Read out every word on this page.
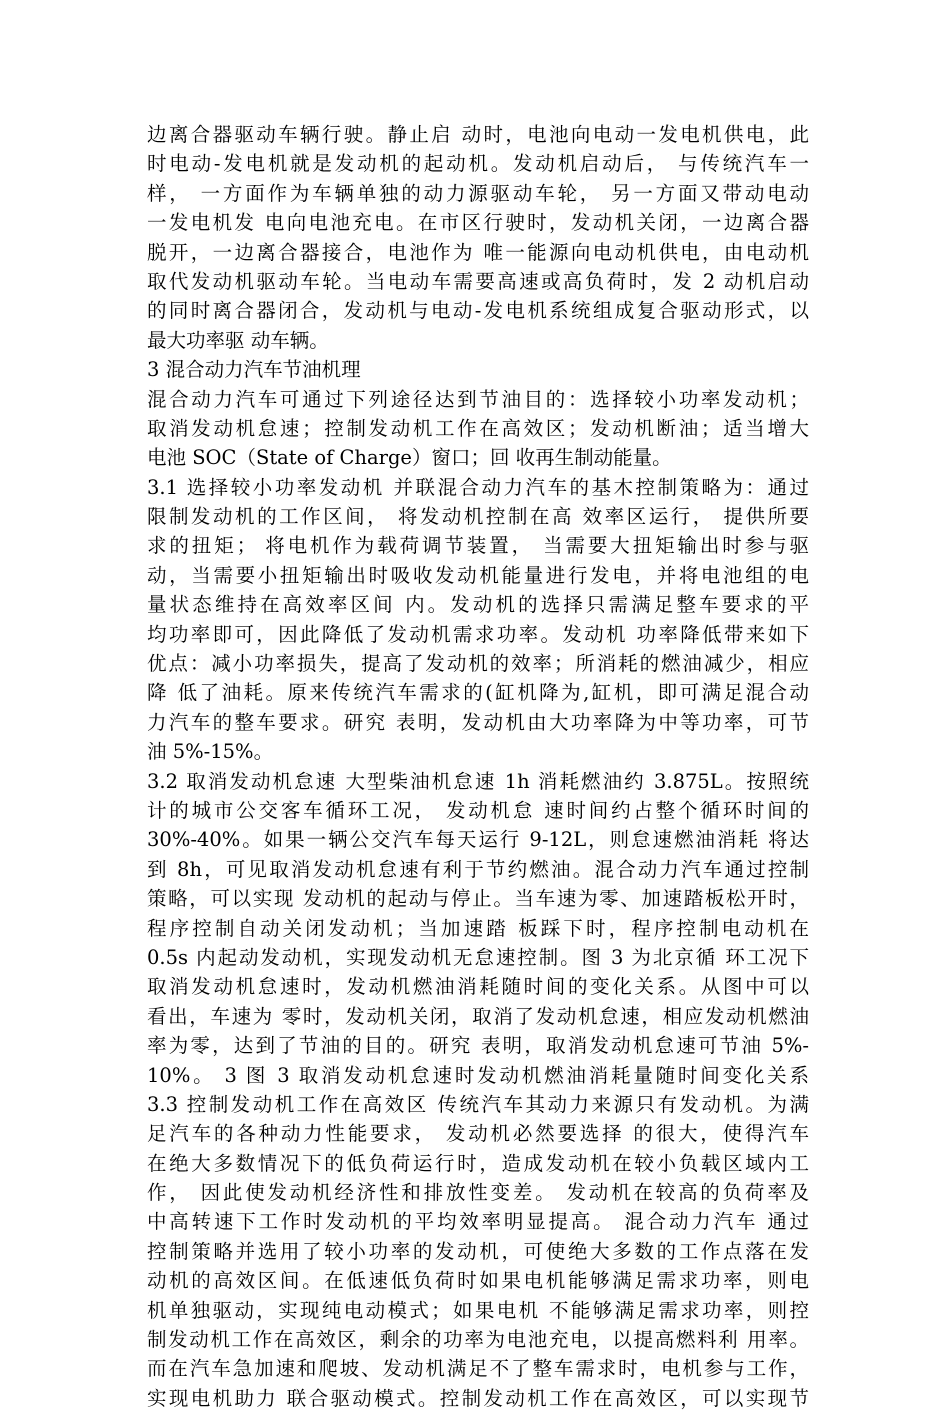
边离合器驱动车辆行驶。静止启 动时，电池向电动一发电机供电，此
时电动-发电机就是发动机的起动机。发动机启动后， 与传统汽车一
样， 一方面作为车辆单独的动力源驱动车轮， 另一方面又带动电动
一发电机发 电向电池充电。在市区行驶时，发动机关闭，一边离合器
脱开，一边离合器接合，电池作为 唯一能源向电动机供电，由电动机
取代发动机驱动车轮。当电动车需要高速或高负荷时，发 2 动机启动
的同时离合器闭合，发动机与电动-发电机系统组成复合驱动形式，以
最大功率驱 动车辆。
3 混合动力汽车节油机理
混合动力汽车可通过下列途径达到节油目的：选择较小功率发动机；
取消发动机怠速；控制发动机工作在高效区；发动机断油；适当增大
电池 SOC（State of Charge）窗口；回 收再生制动能量。
3.1 选择较小功率发动机 并联混合动力汽车的基木控制策略为：通过
限制发动机的工作区间， 将发动机控制在高 效率区运行， 提供所要
求的扭矩； 将电机作为载荷调节装置， 当需要大扭矩输出时参与驱
动，当需要小扭矩输出时吸收发动机能量进行发电，并将电池组的电
量状态维持在高效率区间 内。发动机的选择只需满足整车要求的平
均功率即可，因此降低了发动机需求功率。发动机 功率降低带来如下
优点：减小功率损失，提高了发动机的效率；所消耗的燃油减少，相应
降 低了油耗。原来传统汽车需求的(缸机降为,缸机，即可满足混合动
力汽车的整车要求。研究 表明，发动机由大功率降为中等功率，可节
油 5%-15%。
3.2 取消发动机怠速 大型柴油机怠速 1h 消耗燃油约 3.875L。按照统
计的城市公交客车循环工况， 发动机怠 速时间约占整个循环时间的
30%-40%。如果一辆公交汽车每天运行 9-12L，则怠速燃油消耗 将达
到 8h，可见取消发动机怠速有利于节约燃油。混合动力汽车通过控制
策略，可以实现 发动机的起动与停止。当车速为零、加速踏板松开时，
程序控制自动关闭发动机；当加速踏 板踩下时，程序控制电动机在
0.5s 内起动发动机，实现发动机无怠速控制。图 3 为北京循 环工况下
取消发动机怠速时，发动机燃油消耗随时间的变化关系。从图中可以
看出，车速为 零时，发动机关闭，取消了发动机怠速，相应发动机燃油
率为零，达到了节油的目的。研究 表明，取消发动机怠速可节油 5%-
10%。 3 图 3 取消发动机怠速时发动机燃油消耗量随时间变化关系
3.3 控制发动机工作在高效区 传统汽车其动力来源只有发动机。为满
足汽车的各种动力性能要求， 发动机必然要选择 的很大，使得汽车
在绝大多数情况下的低负荷运行时，造成发动机在较小负载区域内工
作， 因此使发动机经济性和排放性变差。 发动机在较高的负荷率及
中高转速下工作时发动机的平均效率明显提高。 混合动力汽车 通过
控制策略并选用了较小功率的发动机，可使绝大多数的工作点落在发
动机的高效区间。在低速低负荷时如果电机能够满足需求功率，则电
机单独驱动，实现纯电动模式；如果电机 不能够满足需求功率，则控
制发动机工作在高效区，剩余的功率为电池充电，以提高燃料利 用率。
而在汽车急加速和爬坡、发动机满足不了整车需求时，电机参与工作，
实现电机助力 联合驱动模式。控制发动机工作在高效区，可以实现节
